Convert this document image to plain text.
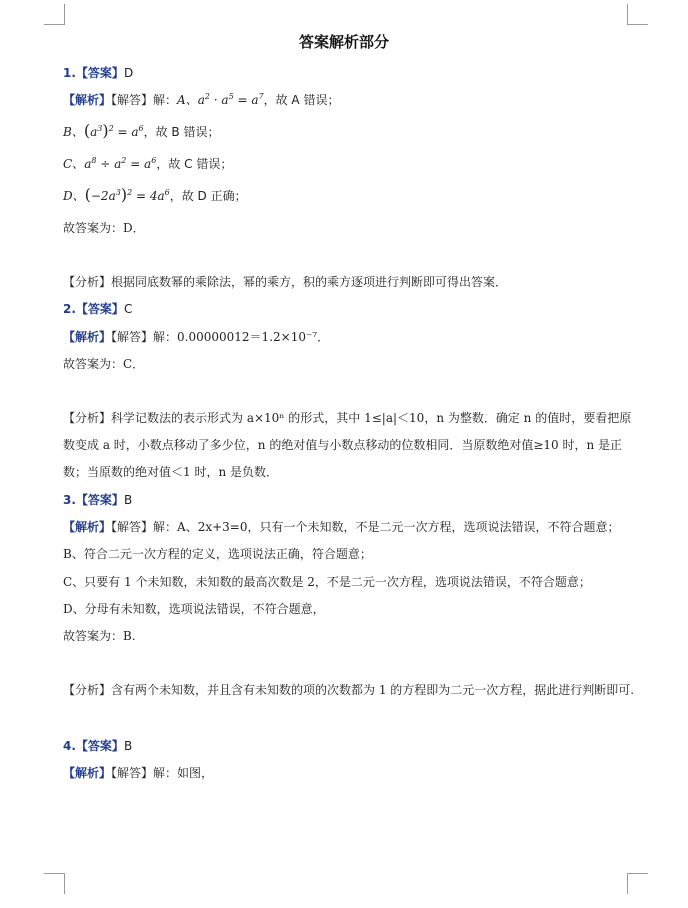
答案解析部分
1.【答案】D
【解析】【解答】解：A、$a^2 \cdot a^5 = a^7$，故 A 错误；
B、$(a^3)^2 = a^6$，故 B 错误；
C、$a^8 \div a^2 = a^6$，故 C 错误；
D、$(-2a^3)^2 = 4a^6$，故 D 正确；
故答案为：D．
【分析】根据同底数幂的乘除法，幂的乘方，积的乘方逐项进行判断即可得出答案．
2.【答案】C
【解析】【解答】解：0.00000012＝1.2×10⁻⁷．
故答案为：C．
【分析】科学记数法的表示形式为 a×10ⁿ 的形式，其中 1≤|a|＜10，n 为整数．确定 n 的值时，要看把原数变成 a 时，小数点移动了多少位，n 的绝对值与小数点移动的位数相同．当原数绝对值≥10 时，n 是正数；当原数的绝对值＜1 时，n 是负数．
3.【答案】B
【解析】【解答】解：A、2x+3=0，只有一个未知数，不是二元一次方程，选项说法错误，不符合题意；
B、符合二元一次方程的定义，选项说法正确，符合题意；
C、只要有 1 个未知数，未知数的最高次数是 2，不是二元一次方程，选项说法错误，不符合题意；
D、分母有未知数，选项说法错误，不符合题意，
故答案为：B.
【分析】含有两个未知数，并且含有未知数的项的次数都为 1 的方程即为二元一次方程，据此进行判断即可.
4.【答案】B
【解析】【解答】解：如图，
